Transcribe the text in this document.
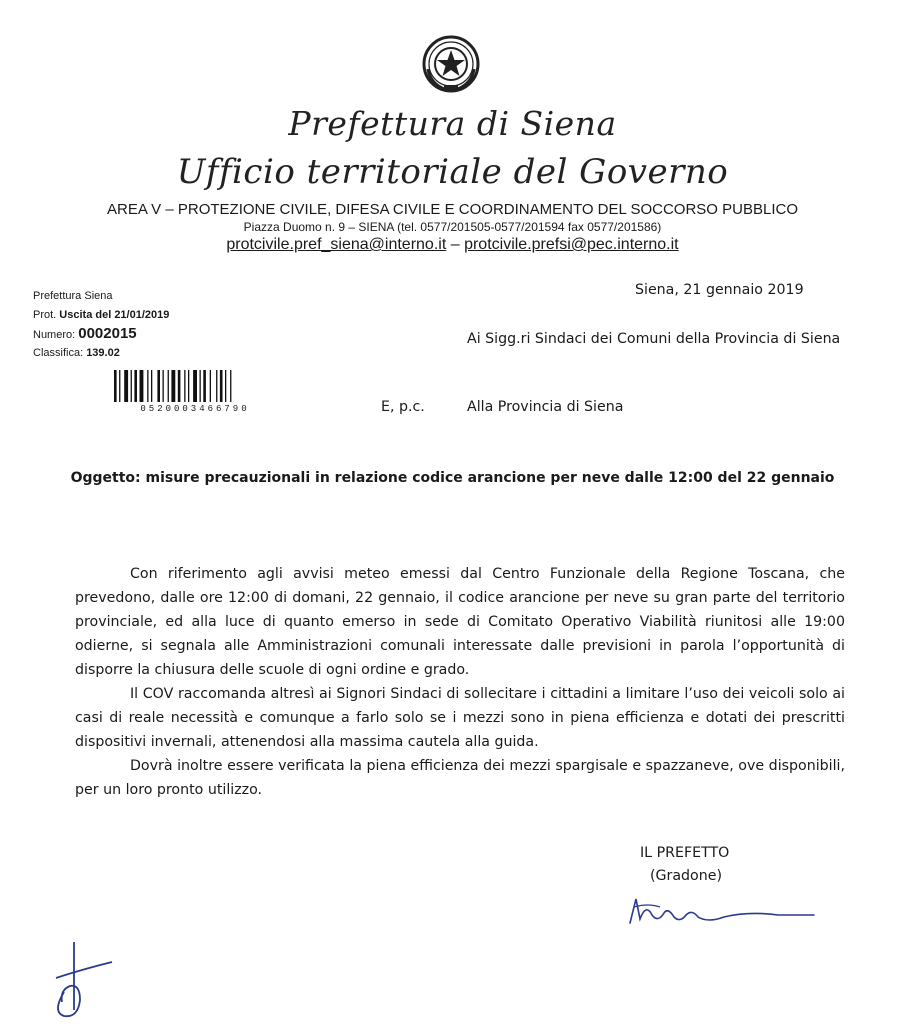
Prefettura di Siena
Ufficio territoriale del Governo
AREA V – PROTEZIONE CIVILE, DIFESA CIVILE E COORDINAMENTO DEL SOCCORSO PUBBLICO
Piazza Duomo n. 9 – SIENA (tel. 0577/201505-0577/201594 fax 0577/201586)
protcivile.pref_siena@interno.it – protcivile.prefsi@pec.interno.it
Prefettura Siena
Prot. Uscita del 21/01/2019
Numero: 0002015
Classifica: 139.02
0520003466790
Siena, 21 gennaio 2019
Ai Sigg.ri Sindaci dei Comuni della Provincia di Siena
E, p.c.	Alla Provincia di Siena
Oggetto: misure precauzionali in relazione codice arancione per neve dalle 12:00 del 22 gennaio
Con riferimento agli avvisi meteo emessi dal Centro Funzionale della Regione Toscana, che prevedono, dalle ore 12:00 di domani, 22 gennaio, il codice arancione per neve su gran parte del territorio provinciale, ed alla luce di quanto emerso in sede di Comitato Operativo Viabilità riunitosi alle 19:00 odierne, si segnala alle Amministrazioni comunali interessate dalle previsioni in parola l’opportunità di disporre la chiusura delle scuole di ogni ordine e grado.
Il COV raccomanda altresì ai Signori Sindaci di sollecitare i cittadini a limitare l’uso dei veicoli solo ai casi di reale necessità e comunque a farlo solo se i mezzi sono in piena efficienza e dotati dei prescritti dispositivi invernali, attenendosi alla massima cautela alla guida.
Dovrà inoltre essere verificata la piena efficienza dei mezzi spargisale e spazzaneve, ove disponibili, per un loro pronto utilizzo.
IL PREFETTO
(Gradone)
